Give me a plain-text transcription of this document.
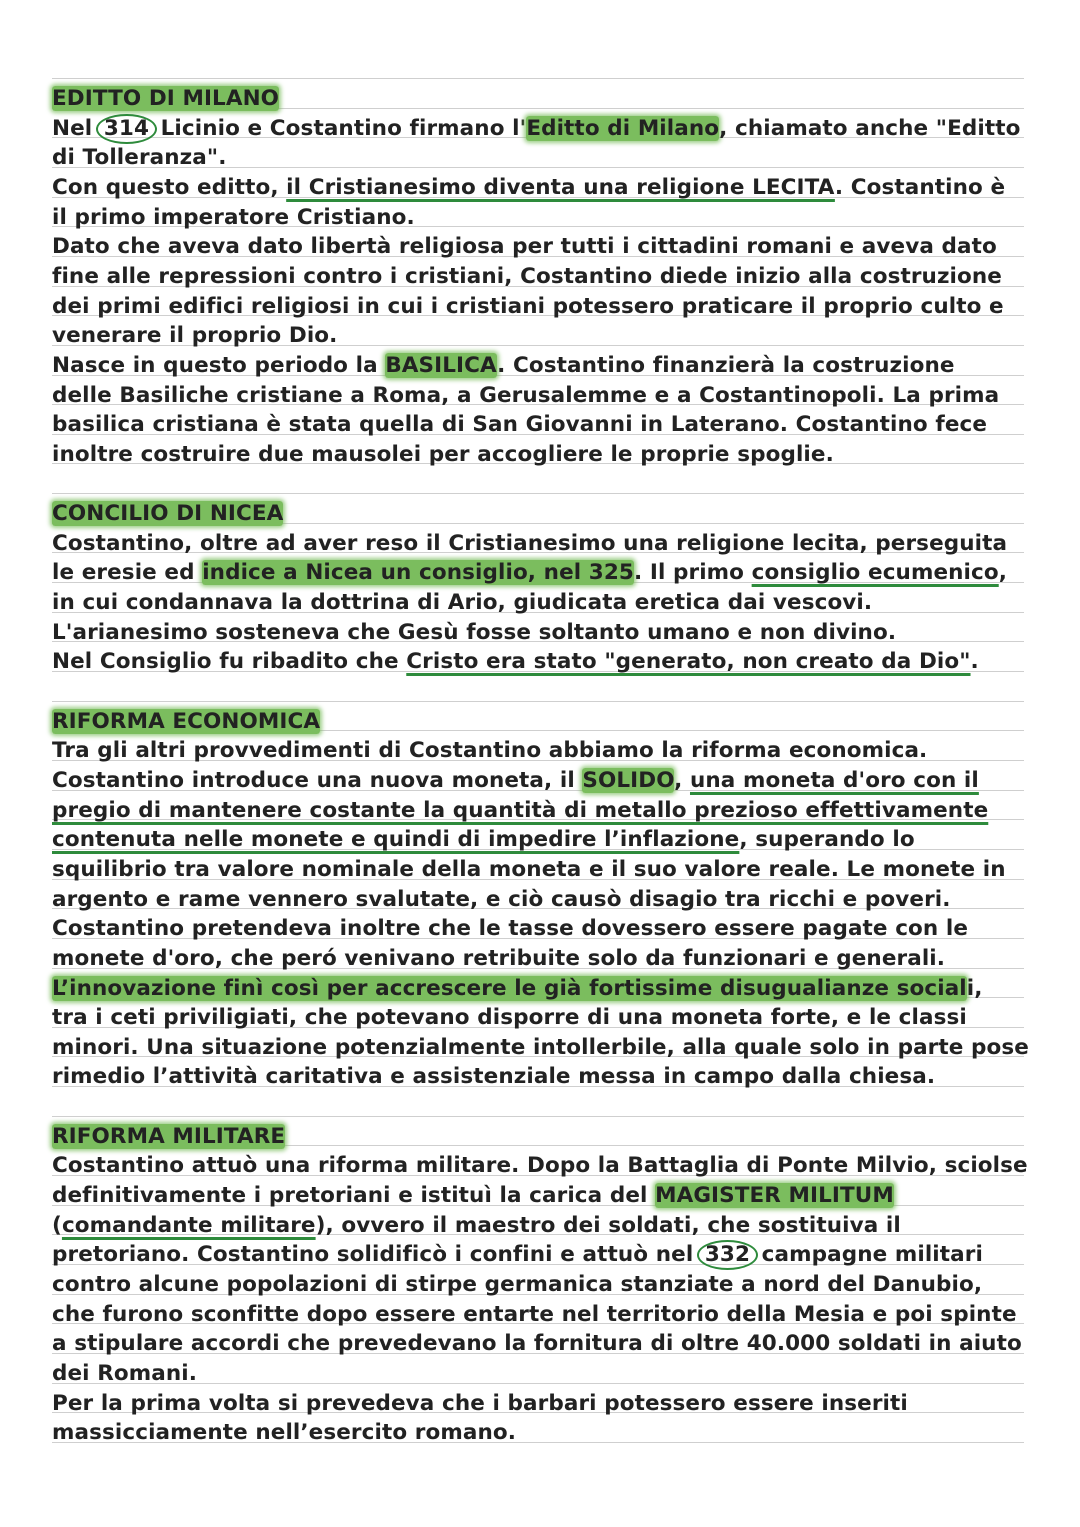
EDITTO DI MILANO
Nel 314 Licinio e Costantino firmano l'Editto di Milano, chiamato anche "Editto
di Tolleranza".
Con questo editto, il Cristianesimo diventa una religione LECITA. Costantino è
il primo imperatore Cristiano.
Dato che aveva dato libertà religiosa per tutti i cittadini romani e aveva dato
fine alle repressioni contro i cristiani, Costantino diede inizio alla costruzione
dei primi edifici religiosi in cui i cristiani potessero praticare il proprio culto e
venerare il proprio Dio.
Nasce in questo periodo la BASILICA. Costantino finanzierà la costruzione
delle Basiliche cristiane a Roma, a Gerusalemme e a Costantinopoli. La prima
basilica cristiana è stata quella di San Giovanni in Laterano. Costantino fece
inoltre costruire due mausolei per accogliere le proprie spoglie.
CONCILIO DI NICEA
Costantino, oltre ad aver reso il Cristianesimo una religione lecita, perseguita
le eresie ed indice a Nicea un consiglio, nel 325. Il primo consiglio ecumenico,
in cui condannava la dottrina di Ario, giudicata eretica dai vescovi.
L'arianesimo sosteneva che Gesù fosse soltanto umano e non divino.
Nel Consiglio fu ribadito che Cristo era stato "generato, non creato da Dio".
RIFORMA ECONOMICA
Tra gli altri provvedimenti di Costantino abbiamo la riforma economica.
Costantino introduce una nuova moneta, il SOLIDO, una moneta d'oro con il
pregio di mantenere costante la quantità di metallo prezioso effettivamente
contenuta nelle monete e quindi di impedire l’inflazione, superando lo
squilibrio tra valore nominale della moneta e il suo valore reale. Le monete in
argento e rame vennero svalutate, e ciò causò disagio tra ricchi e poveri.
Costantino pretendeva inoltre che le tasse dovessero essere pagate con le
monete d'oro, che peró venivano retribuite solo da funzionari e generali.
L’innovazione finì così per accrescere le già fortissime disugualianze sociali,
tra i ceti priviligiati, che potevano disporre di una moneta forte, e le classi
minori. Una situazione potenzialmente intollerbile, alla quale solo in parte pose
rimedio l’attività caritativa e assistenziale messa in campo dalla chiesa.
RIFORMA MILITARE
Costantino attuò una riforma militare. Dopo la Battaglia di Ponte Milvio, sciolse
definitivamente i pretoriani e istituì la carica del MAGISTER MILITUM
(comandante militare), ovvero il maestro dei soldati, che sostituiva il
pretoriano. Costantino solidificò i confini e attuò nel 332 campagne militari
contro alcune popolazioni di stirpe germanica stanziate a nord del Danubio,
che furono sconfitte dopo essere entarte nel territorio della Mesia e poi spinte
a stipulare accordi che prevedevano la fornitura di oltre 40.000 soldati in aiuto
dei Romani.
Per la prima volta si prevedeva che i barbari potessero essere inseriti
massicciamente nell’esercito romano.
